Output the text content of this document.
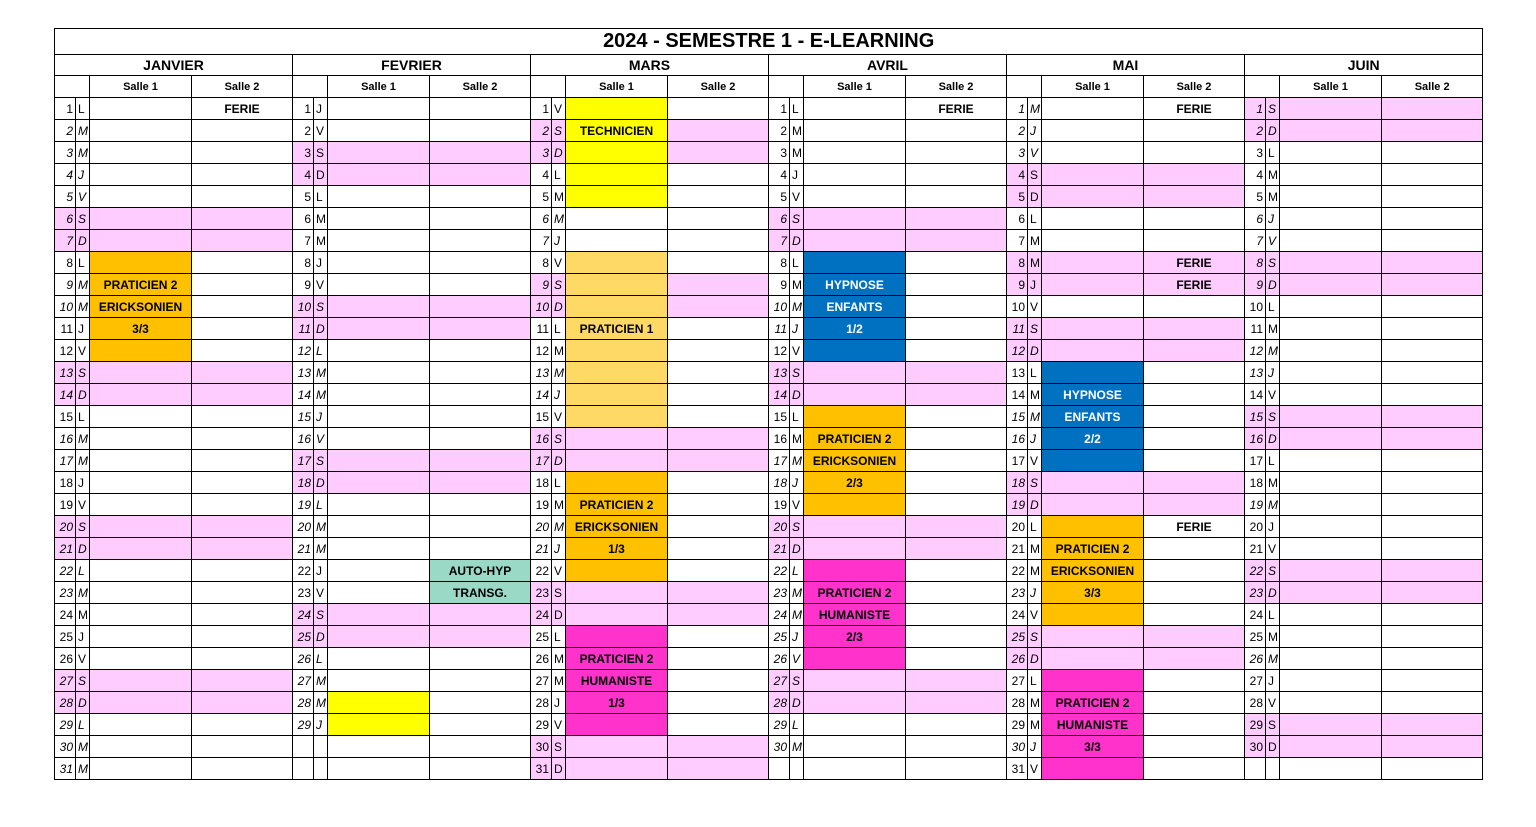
2024 - SEMESTRE 1 - E-LEARNING																							
JANVIER				FEVRIER				MARS				AVRIL				MAI				JUIN			
		Salle 1	Salle 2			Salle 1	Salle 2			Salle 1	Salle 2			Salle 1	Salle 2			Salle 1	Salle 2			Salle 1	Salle 2
1	L		FERIE	1	J			1	V			1	L		FERIE	1	M		FERIE	1	S		
2	M			2	V			2	S	TECHNICIEN		2	M			2	J			2	D		
3	M			3	S			3	D			3	M			3	V			3	L		
4	J			4	D			4	L			4	J			4	S			4	M		
5	V			5	L			5	M			5	V			5	D			5	M		
6	S			6	M			6	M			6	S			6	L			6	J		
7	D			7	M			7	J			7	D			7	M			7	V		
8	L			8	J			8	V			8	L			8	M		FERIE	8	S		
9	M	PRATICIEN 2		9	V			9	S			9	M	HYPNOSE		9	J		FERIE	9	D		
10	M	ERICKSONIEN		10	S			10	D			10	M	ENFANTS		10	V			10	L		
11	J	3/3		11	D			11	L	PRATICIEN 1		11	J	1/2		11	S			11	M		
12	V			12	L			12	M			12	V			12	D			12	M		
13	S			13	M			13	M			13	S			13	L			13	J		
14	D			14	M			14	J			14	D			14	M	HYPNOSE		14	V		
15	L			15	J			15	V			15	L			15	M	ENFANTS		15	S		
16	M			16	V			16	S			16	M	PRATICIEN 2		16	J	2/2		16	D		
17	M			17	S			17	D			17	M	ERICKSONIEN		17	V			17	L		
18	J			18	D			18	L			18	J	2/3		18	S			18	M		
19	V			19	L			19	M	PRATICIEN 2		19	V			19	D			19	M		
20	S			20	M			20	M	ERICKSONIEN		20	S			20	L		FERIE	20	J		
21	D			21	M			21	J	1/3		21	D			21	M	PRATICIEN 2		21	V		
22	L			22	J		AUTO-HYP	22	V			22	L			22	M	ERICKSONIEN		22	S		
23	M			23	V		TRANSG.	23	S			23	M	PRATICIEN 2		23	J	3/3		23	D		
24	M			24	S			24	D			24	M	HUMANISTE		24	V			24	L		
25	J			25	D			25	L			25	J	2/3		25	S			25	M		
26	V			26	L			26	M	PRATICIEN 2		26	V			26	D			26	M		
27	S			27	M			27	M	HUMANISTE		27	S			27	L			27	J		
28	D			28	M			28	J	1/3		28	D			28	M	PRATICIEN 2		28	V		
29	L			29	J			29	V			29	L			29	M	HUMANISTE		29	S		
30	M							30	S			30	M			30	J	3/3		30	D		
31	M							31	D							31	V						
